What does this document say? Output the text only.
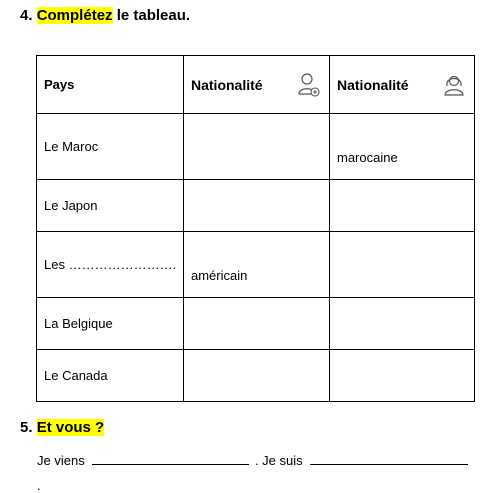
4. Complétez le tableau.
Pays	Nationalité	Nationalité

Le Maroc		marocaine
Le Japon		
Les …………………….	américain	
La Belgique		
Le Canada		
5. Et vous ?
Je viens	. Je suis
.
